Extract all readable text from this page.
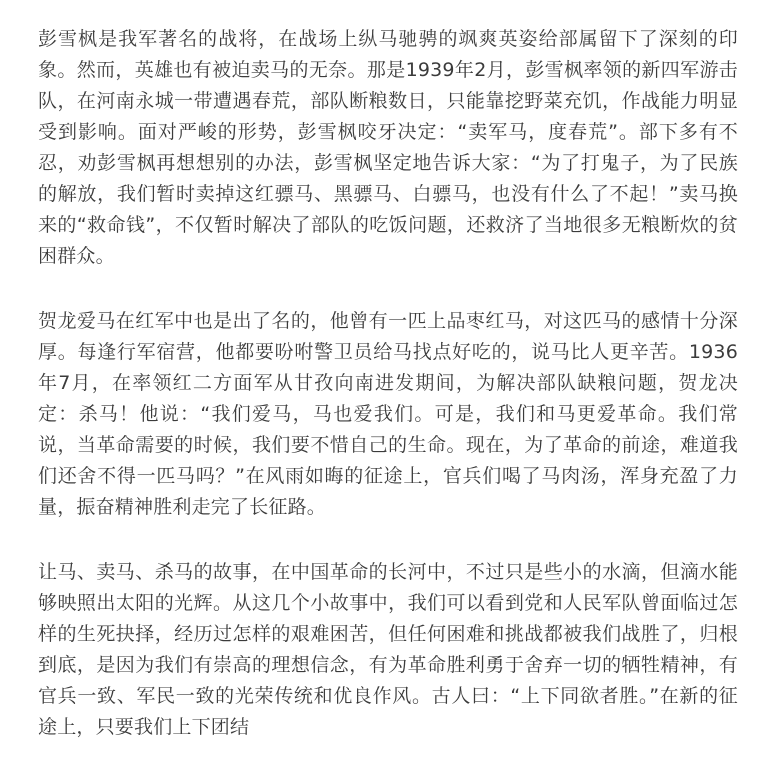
彭雪枫是我军著名的战将，在战场上纵马驰骋的飒爽英姿给部属留下了深刻的印象。然而，英雄也有被迫卖马的无奈。那是1939年2月，彭雪枫率领的新四军游击队，在河南永城一带遭遇春荒，部队断粮数日，只能靠挖野菜充饥，作战能力明显受到影响。面对严峻的形势，彭雪枫咬牙决定：“卖军马，度春荒”。部下多有不忍，劝彭雪枫再想想别的办法，彭雪枫坚定地告诉大家：“为了打鬼子，为了民族的解放，我们暂时卖掉这红骠马、黑骠马、白骠马，也没有什么了不起！”卖马换来的“救命钱”，不仅暂时解决了部队的吃饭问题，还救济了当地很多无粮断炊的贫困群众。

贺龙爱马在红军中也是出了名的，他曾有一匹上品枣红马，对这匹马的感情十分深厚。每逢行军宿营，他都要吩咐警卫员给马找点好吃的，说马比人更辛苦。1936年7月，在率领红二方面军从甘孜向南进发期间，为解决部队缺粮问题，贺龙决定：杀马！他说：“我们爱马，马也爱我们。可是，我们和马更爱革命。我们常说，当革命需要的时候，我们要不惜自己的生命。现在，为了革命的前途，难道我们还舍不得一匹马吗？”在风雨如晦的征途上，官兵们喝了马肉汤，浑身充盈了力量，振奋精神胜利走完了长征路。

让马、卖马、杀马的故事，在中国革命的长河中，不过只是些小的水滴，但滴水能够映照出太阳的光辉。从这几个小故事中，我们可以看到党和人民军队曾面临过怎样的生死抉择，经历过怎样的艰难困苦，但任何困难和挑战都被我们战胜了，归根到底，是因为我们有崇高的理想信念，有为革命胜利勇于舍弃一切的牺牲精神，有官兵一致、军民一致的光荣传统和优良作风。古人曰：“上下同欲者胜。”在新的征途上，只要我们上下团结
